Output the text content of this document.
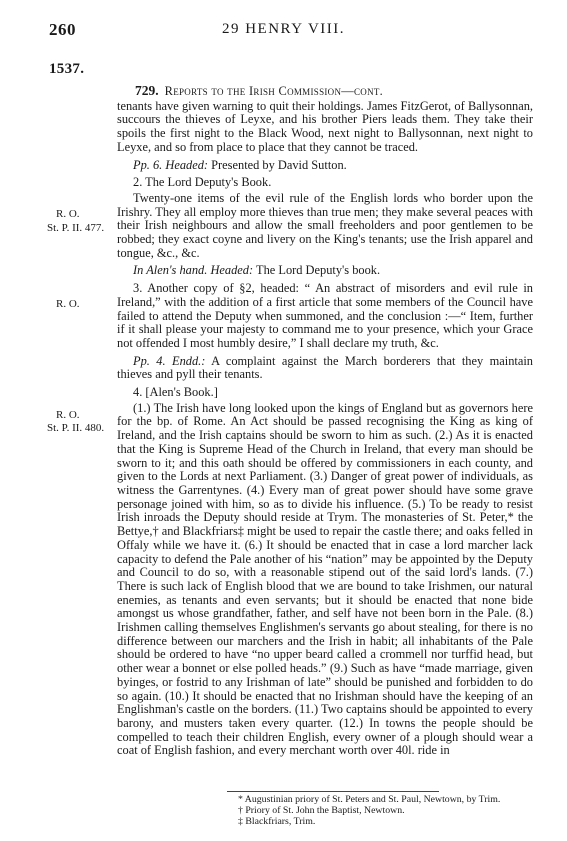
260	29 HENRY VIII.
1537.
R. O.
St. P. II. 477.
R. O.
R. O.
St. P. II. 480.

729. Reports to the Irish Commission—cont.

tenants have given warning to quit their holdings. James FitzGerot, of Ballysonnan, succours the thieves of Leyxe, and his brother Piers leads them. They take their spoils the first night to the Black Wood, next night to Ballysonnan, next night to Leyxe, and so from place to place that they cannot be traced.

Pp. 6. Headed: Presented by David Sutton.

2. The Lord Deputy's Book.

Twenty-one items of the evil rule of the English lords who border upon the Irishry. They all employ more thieves than true men; they make several peaces with their Irish neighbours and allow the small freeholders and poor gentlemen to be robbed; they exact coyne and livery on the King's tenants; use the Irish apparel and tongue, &c., &c.

In Alen's hand. Headed: The Lord Deputy's book.

3. Another copy of §2, headed: “ An abstract of misorders and evil rule in Ireland,” with the addition of a first article that some members of the Council have failed to attend the Deputy when summoned, and the conclusion :—“ Item, further if it shall please your majesty to command me to your presence, which your Grace not offended I most humbly desire,” I shall declare my truth, &c.

Pp. 4. Endd.: A complaint against the March borderers that they maintain thieves and pyll their tenants.

4. [Alen's Book.]

(1.) The Irish have long looked upon the kings of England but as governors here for the bp. of Rome. An Act should be passed recognising the King as king of Ireland, and the Irish captains should be sworn to him as such. (2.) As it is enacted that the King is Supreme Head of the Church in Ireland, that every man should be sworn to it; and this oath should be offered by commissioners in each county, and given to the Lords at next Parliament. (3.) Danger of great power of individuals, as witness the Garrentynes. (4.) Every man of great power should have some grave personage joined with him, so as to divide his influence. (5.) To be ready to resist Irish inroads the Deputy should reside at Trym. The monasteries of St. Peter,* the Bettye,† and Blackfriars‡ might be used to repair the castle there; and oaks felled in Offaly while we have it. (6.) It should be enacted that in case a lord marcher lack capacity to defend the Pale another of his “nation” may be appointed by the Deputy and Council to do so, with a reasonable stipend out of the said lord's lands. (7.) There is such lack of English blood that we are bound to take Irishmen, our natural enemies, as tenants and even servants; but it should be enacted that none bide amongst us whose grandfather, father, and self have not been born in the Pale. (8.) Irishmen calling themselves Englishmen's servants go about stealing, for there is no difference between our marchers and the Irish in habit; all inhabitants of the Pale should be ordered to have “no upper beard called a crommell nor turffid head, but other wear a bonnet or else polled heads.” (9.) Such as have “made marriage, given byinges, or fostrid to any Irishman of late” should be punished and forbidden to do so again. (10.) It should be enacted that no Irishman should have the keeping of an Englishman's castle on the borders. (11.) Two captains should be appointed to every barony, and musters taken every quarter. (12.) In towns the people should be compelled to teach their children English, every owner of a plough should wear a coat of English fashion, and every merchant worth over 40l. ride in

* Augustinian priory of St. Peters and St. Paul, Newtown, by Trim.
† Priory of St. John the Baptist, Newtown.
‡ Blackfriars, Trim.
